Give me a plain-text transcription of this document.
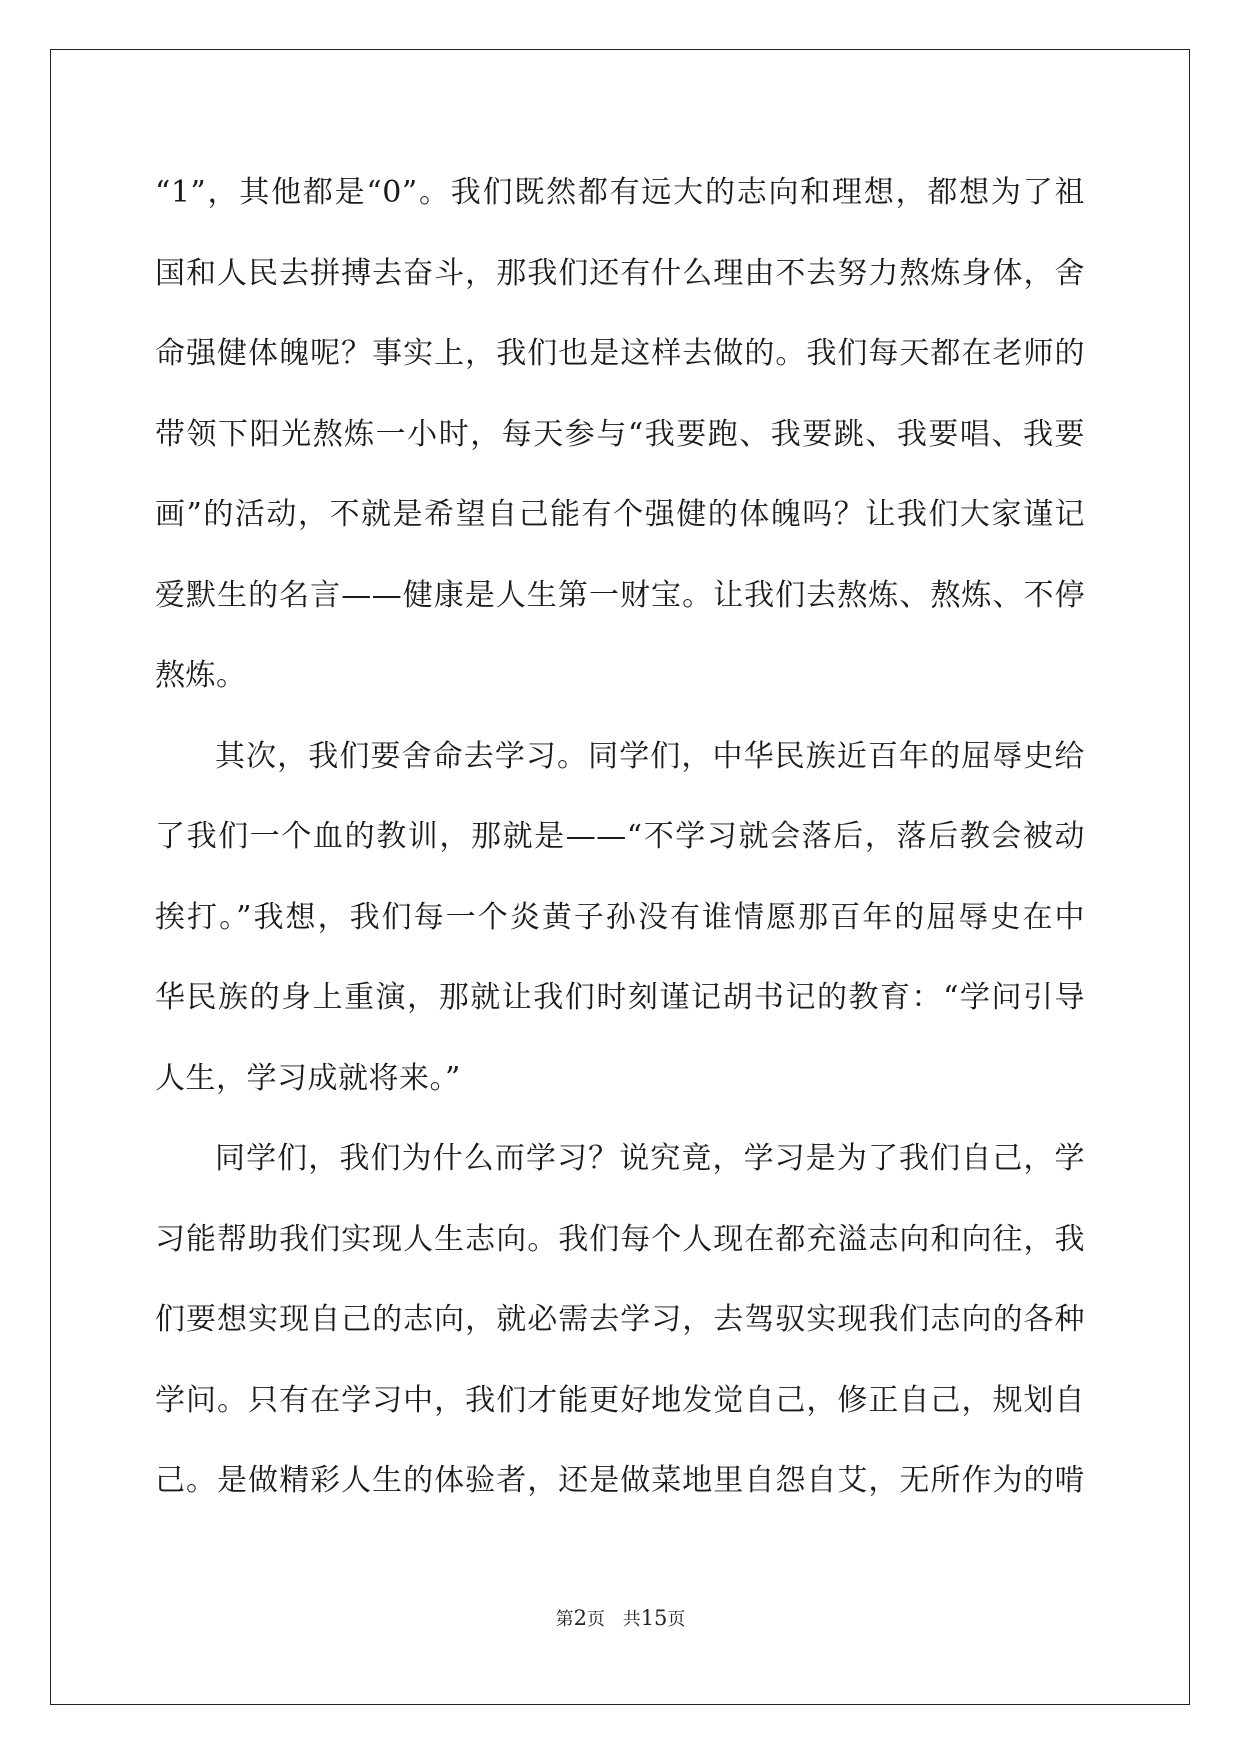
“1”，其他都是“0”。我们既然都有远大的志向和理想，都想为了祖
国和人民去拼搏去奋斗，那我们还有什么理由不去努力熬炼身体，舍
命强健体魄呢？事实上，我们也是这样去做的。我们每天都在老师的
带领下阳光熬炼一小时，每天参与“我要跑、我要跳、我要唱、我要
画”的活动，不就是希望自己能有个强健的体魄吗？让我们大家谨记
爱默生的名言——健康是人生第一财宝。让我们去熬炼、熬炼、不停
熬炼。
其次，我们要舍命去学习。同学们，中华民族近百年的屈辱史给
了我们一个血的教训，那就是——“不学习就会落后，落后教会被动
挨打。”我想，我们每一个炎黄子孙没有谁情愿那百年的屈辱史在中
华民族的身上重演，那就让我们时刻谨记胡书记的教育：“学问引导
人生，学习成就将来。”
同学们，我们为什么而学习？说究竟，学习是为了我们自己，学
习能帮助我们实现人生志向。我们每个人现在都充溢志向和向往，我
们要想实现自己的志向，就必需去学习，去驾驭实现我们志向的各种
学问。只有在学习中，我们才能更好地发觉自己，修正自己，规划自
己。是做精彩人生的体验者，还是做菜地里自怨自艾，无所作为的啃
第2页 共15页
